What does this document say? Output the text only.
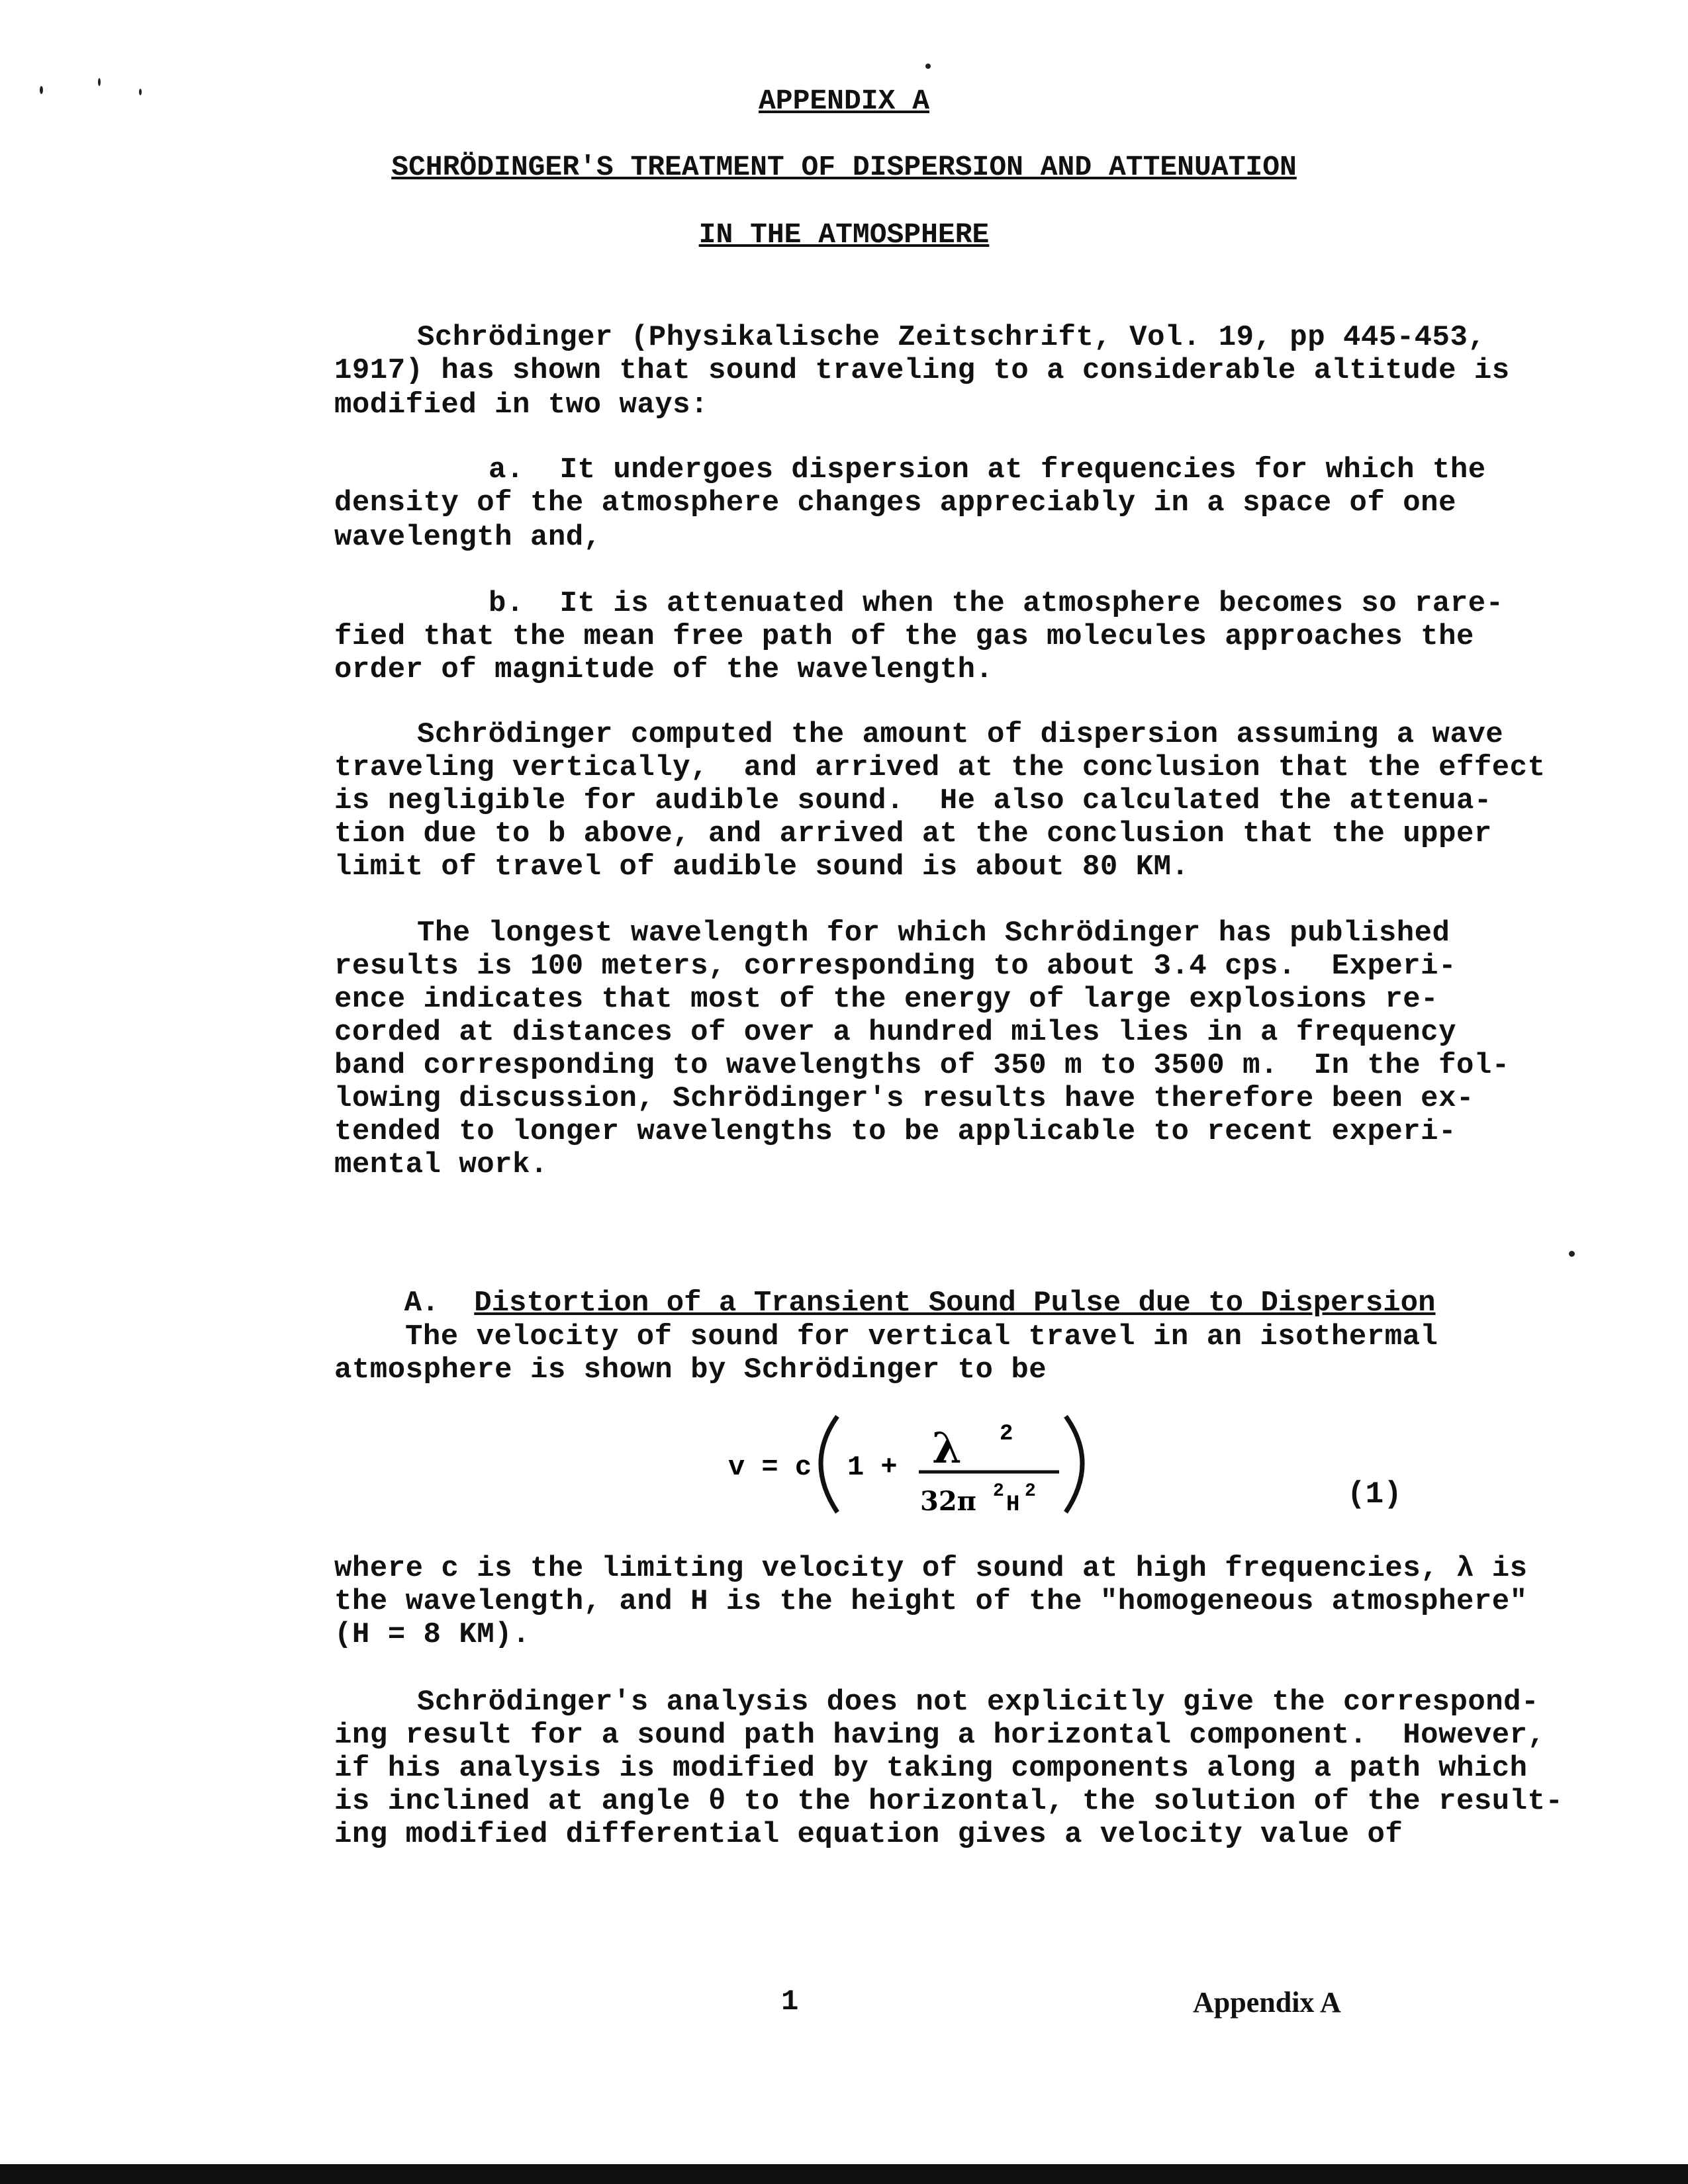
APPENDIX A
SCHRÖDINGER'S TREATMENT OF DISPERSION AND ATTENUATION
IN THE ATMOSPHERE
Schrödinger (Physikalische Zeitschrift, Vol. 19, pp 445-453,
1917) has shown that sound traveling to a considerable altitude is
modified in two ways:
a.  It undergoes dispersion at frequencies for which the
density of the atmosphere changes appreciably in a space of one
wavelength and,
b.  It is attenuated when the atmosphere becomes so rare-
fied that the mean free path of the gas molecules approaches the
order of magnitude of the wavelength.
Schrödinger computed the amount of dispersion assuming a wave
traveling vertically,  and arrived at the conclusion that the effect
is negligible for audible sound.  He also calculated the attenua-
tion due to b above, and arrived at the conclusion that the upper
limit of travel of audible sound is about 80 KM.
The longest wavelength for which Schrödinger has published
results is 100 meters, corresponding to about 3.4 cps.  Experi-
ence indicates that most of the energy of large explosions re-
corded at distances of over a hundred miles lies in a frequency
band corresponding to wavelengths of 350 m to 3500 m.  In the fol-
lowing discussion, Schrödinger's results have therefore been ex-
tended to longer wavelengths to be applicable to recent experi-
mental work.

A. Distortion of a Transient Sound Pulse due to Dispersion

The velocity of sound for vertical travel in an isothermal
atmosphere is shown by Schrödinger to be
v = c 1 + λ 2
32π 2
H
2	(1)
where c is the limiting velocity of sound at high frequencies, λ is
the wavelength, and H is the height of the "homogeneous atmosphere"
(H = 8 KM).
Schrödinger's analysis does not explicitly give the correspond-
ing result for a sound path having a horizontal component.  However,
if his analysis is modified by taking components along a path which
is inclined at angle θ to the horizontal, the solution of the result-
ing modified differential equation gives a velocity value of
1	Appendix A
